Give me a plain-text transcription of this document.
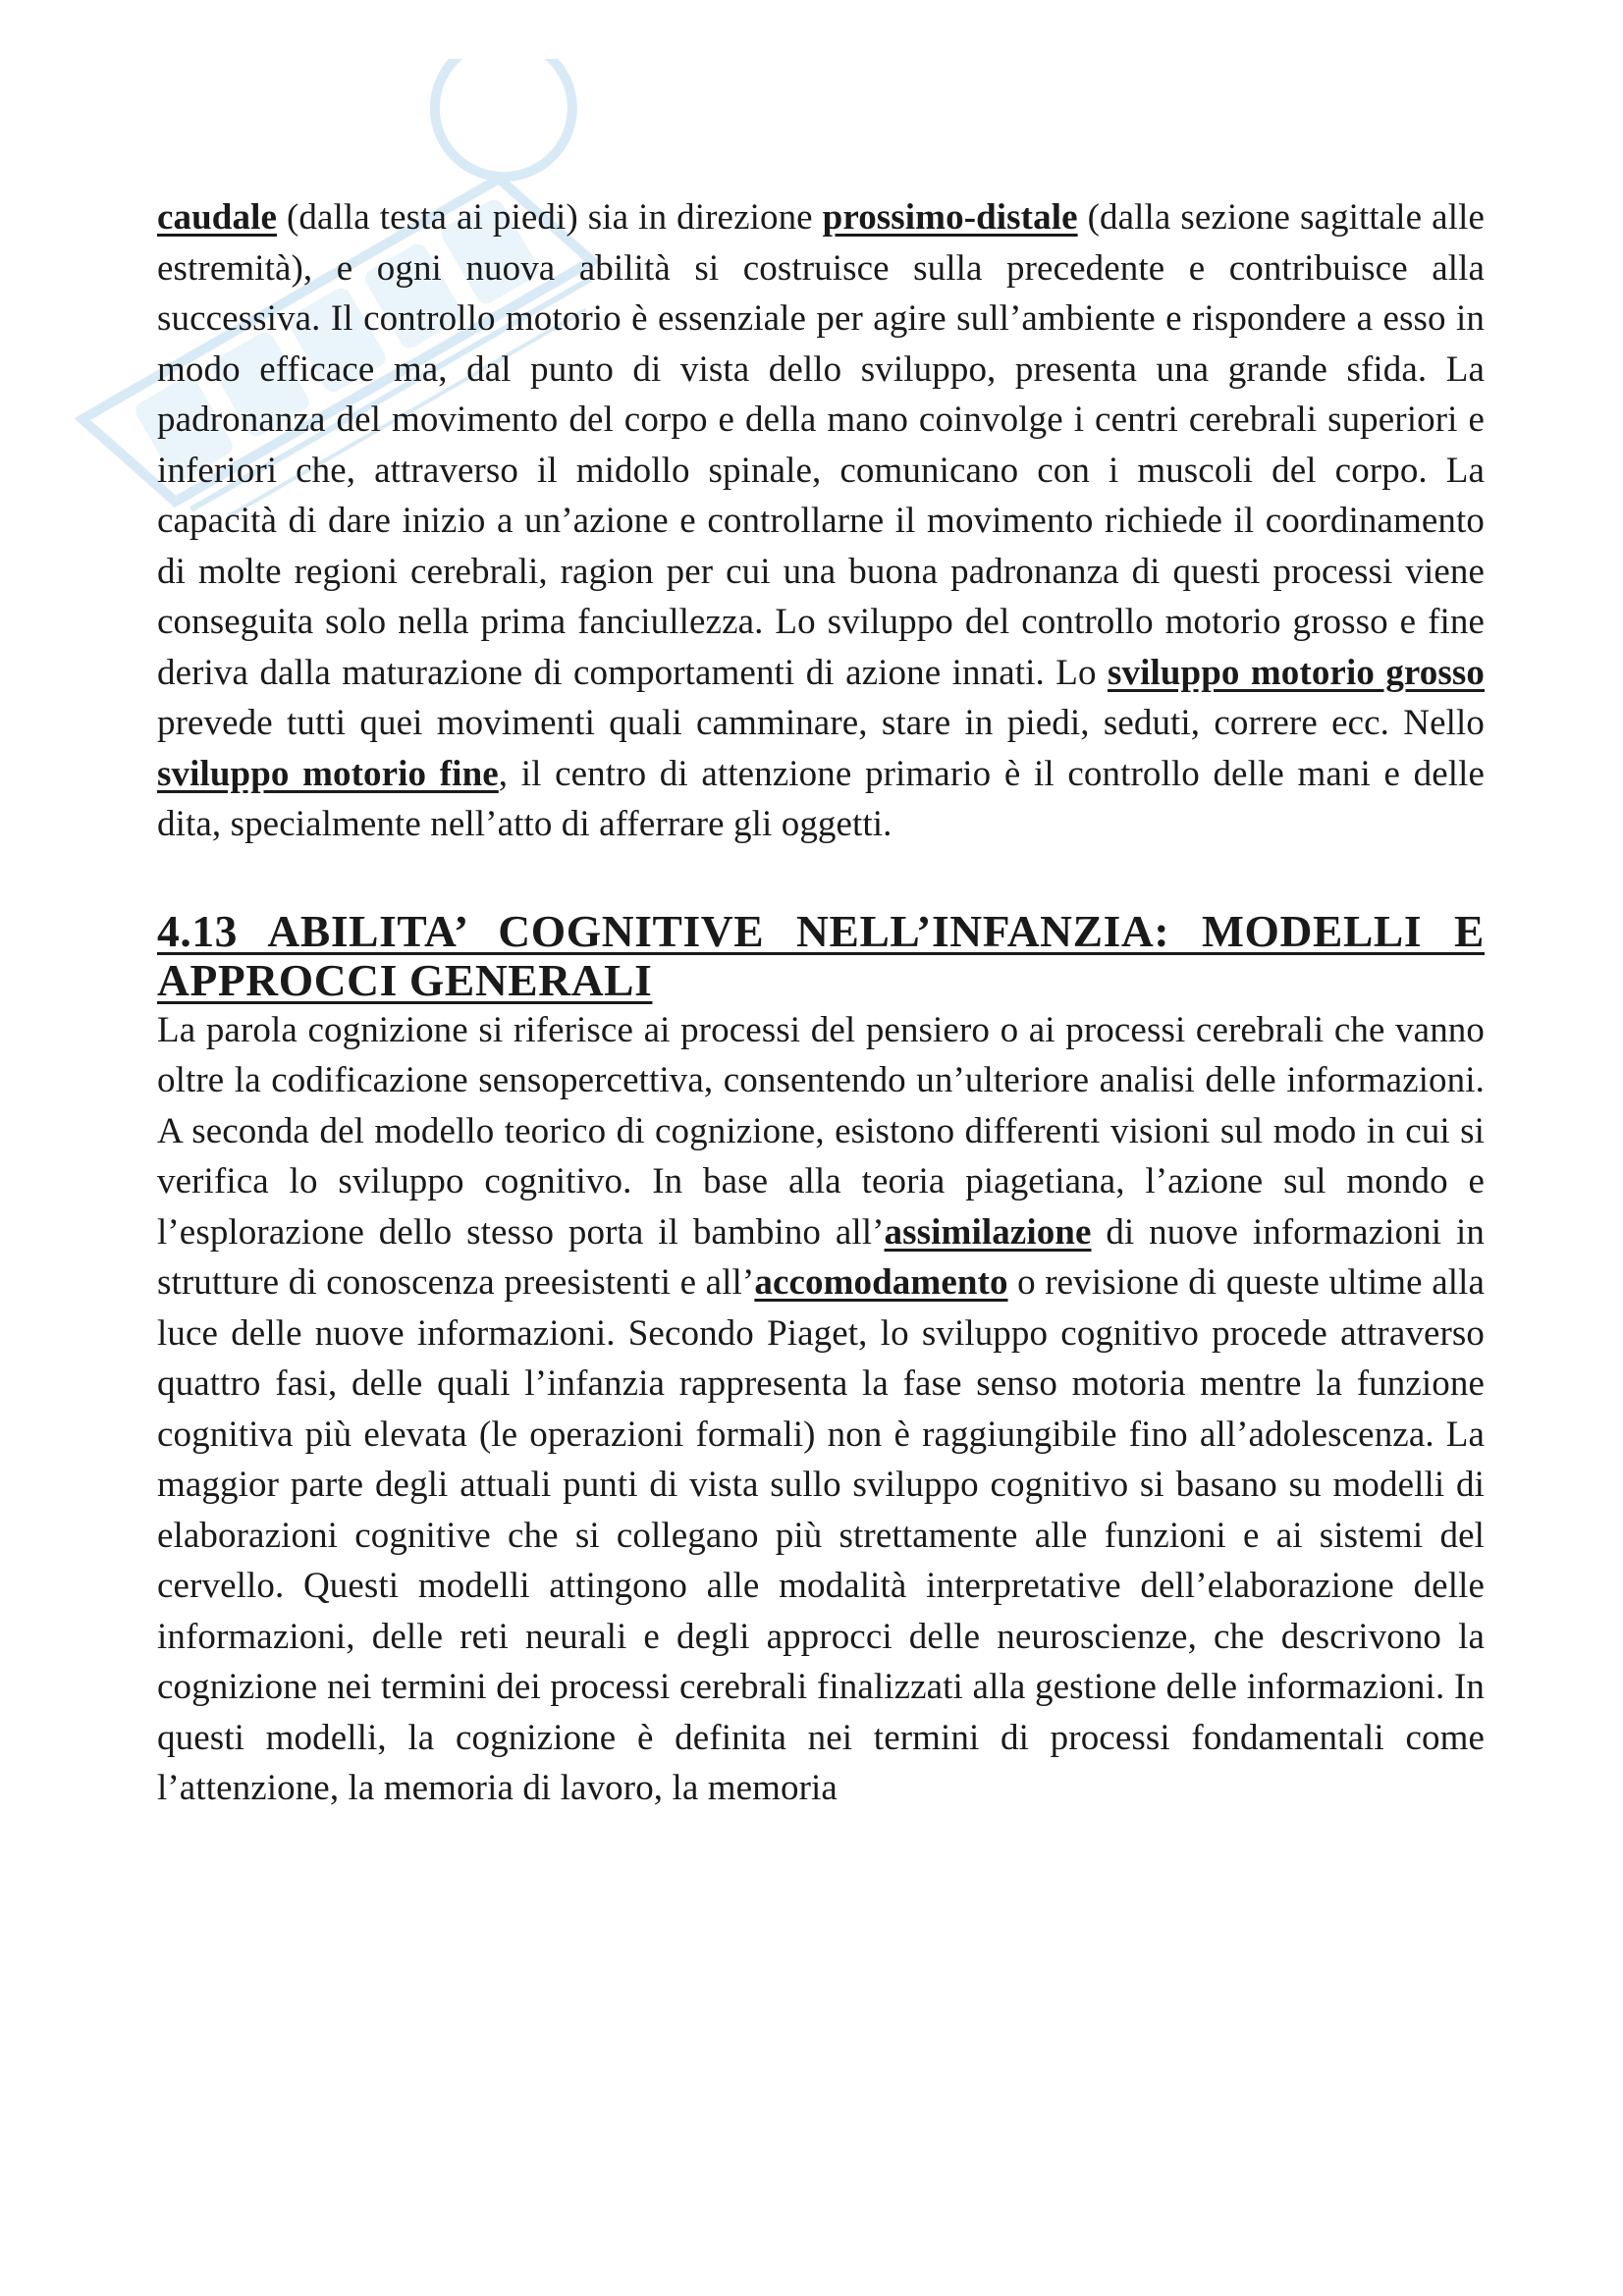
caudale (dalla testa ai piedi) sia in direzione prossimo-distale (dalla sezione sagittale alle estremità), e ogni nuova abilità si costruisce sulla precedente e contribuisce alla successiva. Il controllo motorio è essenziale per agire sull’ambiente e rispondere a esso in modo efficace ma, dal punto di vista dello sviluppo, presenta una grande sfida. La padronanza del movimento del corpo e della mano coinvolge i centri cerebrali superiori e inferiori che, attraverso il midollo spinale, comunicano con i muscoli del corpo. La capacità di dare inizio a un’azione e controllarne il movimento richiede il coordinamento di molte regioni cerebrali, ragion per cui una buona padronanza di questi processi viene conseguita solo nella prima fanciullezza. Lo sviluppo del controllo motorio grosso e fine deriva dalla maturazione di comportamenti di azione innati. Lo sviluppo motorio grosso prevede tutti quei movimenti quali camminare, stare in piedi, seduti, correre ecc. Nello sviluppo motorio fine, il centro di attenzione primario è il controllo delle mani e delle dita, specialmente nell’atto di afferrare gli oggetti.

4.13 ABILITA’ COGNITIVE NELL’INFANZIA: MODELLI E APPROCCI GENERALI

La parola cognizione si riferisce ai processi del pensiero o ai processi cerebrali che vanno oltre la codificazione sensopercettiva, consentendo un’ulteriore analisi delle informazioni. A seconda del modello teorico di cognizione, esistono differenti visioni sul modo in cui si verifica lo sviluppo cognitivo. In base alla teoria piagetiana, l’azione sul mondo e l’esplorazione dello stesso porta il bambino all’assimilazione di nuove informazioni in strutture di conoscenza preesistenti e all’accomodamento o revisione di queste ultime alla luce delle nuove informazioni. Secondo Piaget, lo sviluppo cognitivo procede attraverso quattro fasi, delle quali l’infanzia rappresenta la fase senso motoria mentre la funzione cognitiva più elevata (le operazioni formali) non è raggiungibile fino all’adolescenza. La maggior parte degli attuali punti di vista sullo sviluppo cognitivo si basano su modelli di elaborazioni cognitive che si collegano più strettamente alle funzioni e ai sistemi del cervello. Questi modelli attingono alle modalità interpretative dell’elaborazione delle informazioni, delle reti neurali e degli approcci delle neuroscienze, che descrivono la cognizione nei termini dei processi cerebrali finalizzati alla gestione delle informazioni. In questi modelli, la cognizione è definita nei termini di processi fondamentali come l’attenzione, la memoria di lavoro, la memoria
